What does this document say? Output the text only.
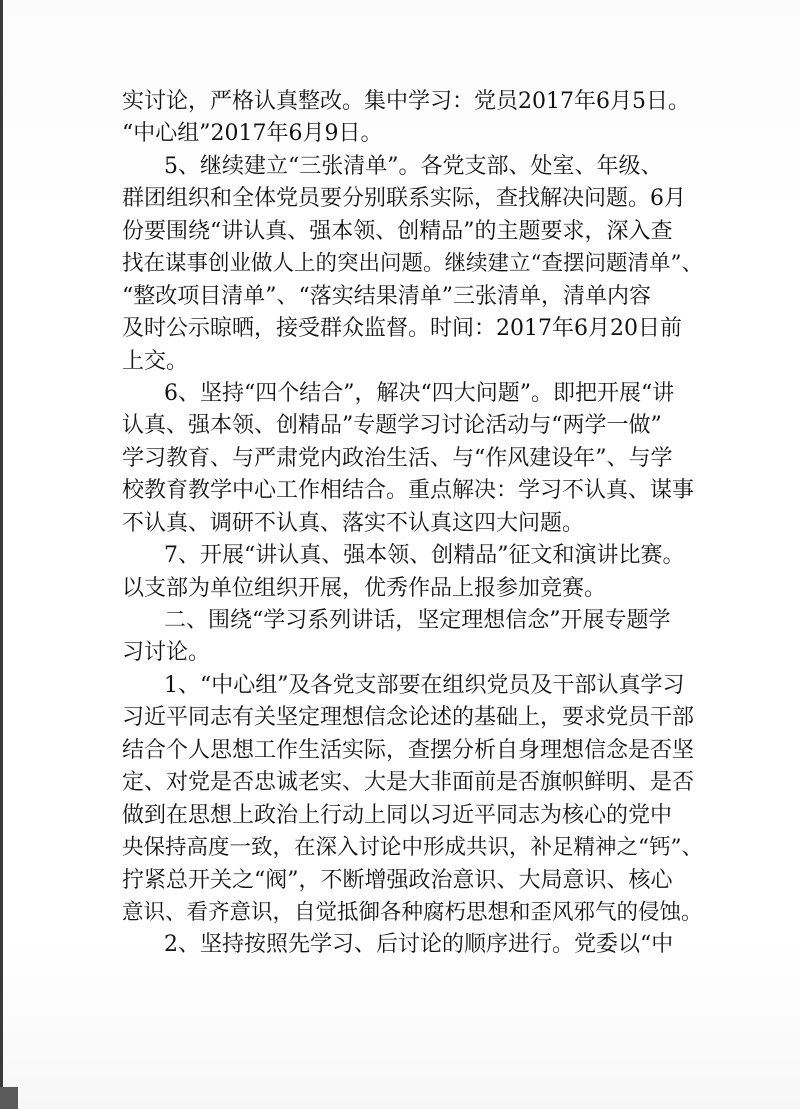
实讨论，严格认真整改。集中学习：党员2017年6月5日。
“中心组”2017年6月9日。
5、继续建立“三张清单”。各党支部、处室、年级、
群团组织和全体党员要分别联系实际，查找解决问题。6月
份要围绕“讲认真、强本领、创精品”的主题要求，深入查
找在谋事创业做人上的突出问题。继续建立“查摆问题清单”、
“整改项目清单”、“落实结果清单”三张清单，清单内容
及时公示晾晒，接受群众监督。时间：2017年6月20日前
上交。
6、坚持“四个结合”，解决“四大问题”。即把开展“讲
认真、强本领、创精品”专题学习讨论活动与“两学一做”
学习教育、与严肃党内政治生活、与“作风建设年”、与学
校教育教学中心工作相结合。重点解决：学习不认真、谋事
不认真、调研不认真、落实不认真这四大问题。
7、开展“讲认真、强本领、创精品”征文和演讲比赛。
以支部为单位组织开展，优秀作品上报参加竞赛。
二、围绕“学习系列讲话，坚定理想信念”开展专题学
习讨论。
1、“中心组”及各党支部要在组织党员及干部认真学习
习近平同志有关坚定理想信念论述的基础上，要求党员干部
结合个人思想工作生活实际，查摆分析自身理想信念是否坚
定、对党是否忠诚老实、大是大非面前是否旗帜鲜明、是否
做到在思想上政治上行动上同以习近平同志为核心的党中
央保持高度一致，在深入讨论中形成共识，补足精神之“钙”、
拧紧总开关之“阀”，不断增强政治意识、大局意识、核心
意识、看齐意识，自觉抵御各种腐朽思想和歪风邪气的侵蚀。
2、坚持按照先学习、后讨论的顺序进行。党委以“中
